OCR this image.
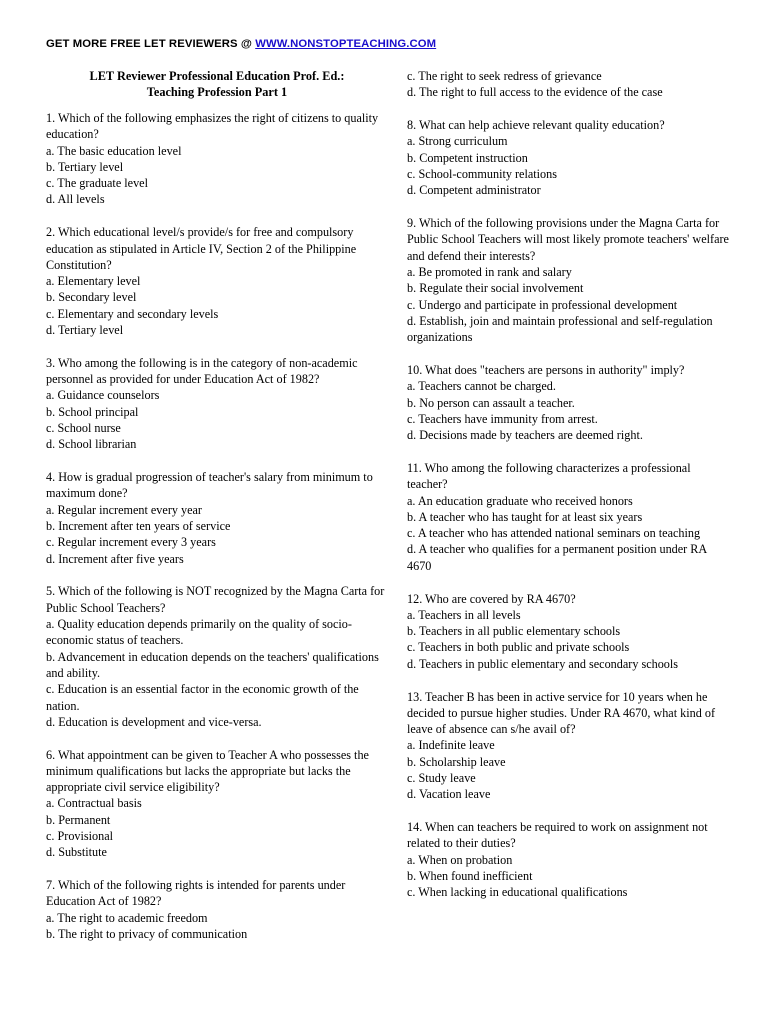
GET MORE FREE LET REVIEWERS @ WWW.NONSTOPTEACHING.COM
LET Reviewer Professional Education Prof. Ed.:
Teaching Profession Part 1

1. Which of the following emphasizes the right of citizens to quality education?

a. The basic education level

b. Tertiary level

c. The graduate level

d. All levels

2. Which educational level/s provide/s for free and compulsory education as stipulated in Article IV, Section 2 of the Philippine Constitution?

a. Elementary level

b. Secondary level

c. Elementary and secondary levels

d. Tertiary level

3. Who among the following is in the category of non-academic personnel as provided for under Education Act of 1982?

a. Guidance counselors

b. School principal

c. School nurse

d. School librarian

4. How is gradual progression of teacher's salary from minimum to maximum done?

a. Regular increment every year

b. Increment after ten years of service

c. Regular increment every 3 years

d. Increment after five years

5. Which of the following is NOT recognized by the Magna Carta for Public School Teachers?

a. Quality education depends primarily on the quality of socio-economic status of teachers.

b. Advancement in education depends on the teachers' qualifications and ability.

c. Education is an essential factor in the economic growth of the nation.

d. Education is development and vice-versa.

6. What appointment can be given to Teacher A who possesses the minimum qualifications but lacks the appropriate but lacks the appropriate civil service eligibility?

a. Contractual basis

b. Permanent

c. Provisional

d. Substitute

7. Which of the following rights is intended for parents under Education Act of 1982?

a. The right to academic freedom

b. The right to privacy of communication

c. The right to seek redress of grievance

d. The right to full access to the evidence of the case

8. What can help achieve relevant quality education?

a. Strong curriculum

b. Competent instruction

c. School-community relations

d. Competent administrator

9. Which of the following provisions under the Magna Carta for Public School Teachers will most likely promote teachers' welfare and defend their interests?

a. Be promoted in rank and salary

b. Regulate their social involvement

c. Undergo and participate in professional development

d. Establish, join and maintain professional and self-regulation organizations

10. What does "teachers are persons in authority" imply?

a. Teachers cannot be charged.

b. No person can assault a teacher.

c. Teachers have immunity from arrest.

d. Decisions made by teachers are deemed right.

11. Who among the following characterizes a professional teacher?

a. An education graduate who received honors

b. A teacher who has taught for at least six years

c. A teacher who has attended national seminars on teaching

d. A teacher who qualifies for a permanent position under RA 4670

12. Who are covered by RA 4670?

a. Teachers in all levels

b. Teachers in all public elementary schools

c. Teachers in both public and private schools

d. Teachers in public elementary and secondary schools

13. Teacher B has been in active service for 10 years when he decided to pursue higher studies. Under RA 4670, what kind of leave of absence can s/he avail of?

a. Indefinite leave

b. Scholarship leave

c. Study leave

d. Vacation leave

14. When can teachers be required to work on assignment not related to their duties?

a. When on probation

b. When found inefficient

c. When lacking in educational qualifications
